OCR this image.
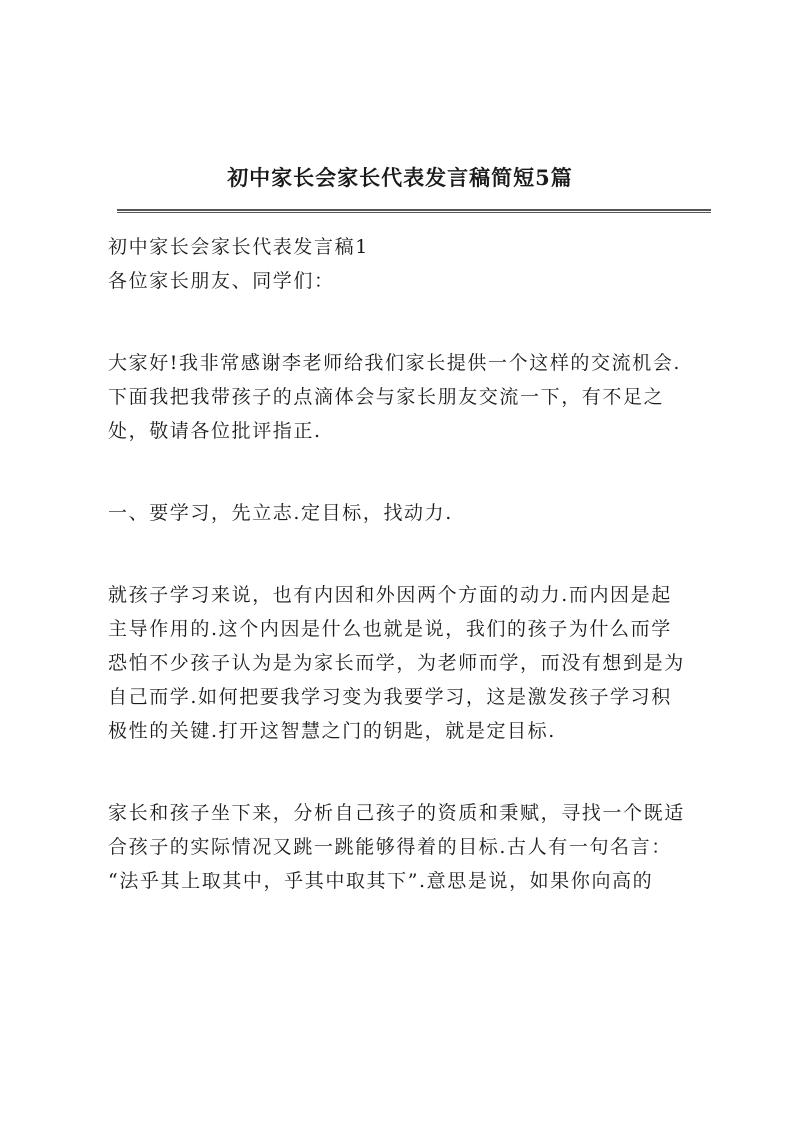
初中家长会家长代表发言稿简短5篇
初中家长会家长代表发言稿1
各位家长朋友、同学们：
大家好!我非常感谢李老师给我们家长提供一个这样的交流机会.
下面我把我带孩子的点滴体会与家长朋友交流一下，有不足之
处，敬请各位批评指正.
一、要学习，先立志.定目标，找动力.
就孩子学习来说，也有内因和外因两个方面的动力.而内因是起
主导作用的.这个内因是什么也就是说，我们的孩子为什么而学
恐怕不少孩子认为是为家长而学，为老师而学，而没有想到是为
自己而学.如何把要我学习变为我要学习，这是激发孩子学习积
极性的关键.打开这智慧之门的钥匙，就是定目标.
家长和孩子坐下来，分析自己孩子的资质和秉赋，寻找一个既适
合孩子的实际情况又跳一跳能够得着的目标.古人有一句名言：
“法乎其上取其中，乎其中取其下”.意思是说，如果你向高的
